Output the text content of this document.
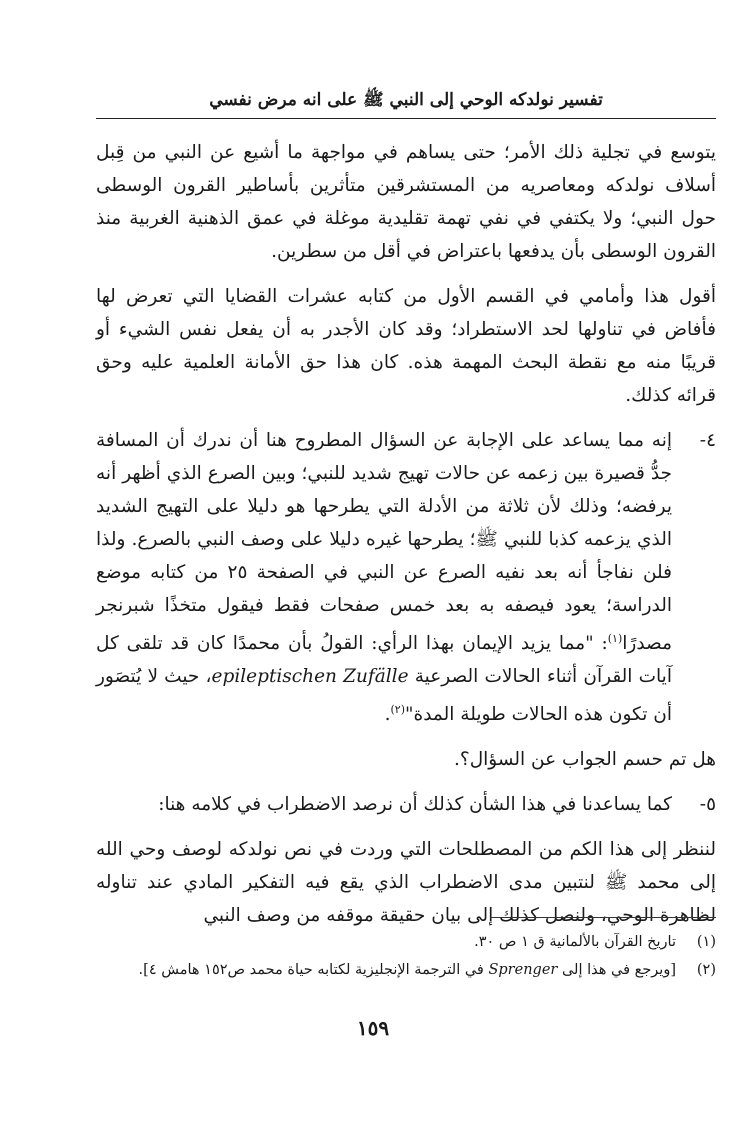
تفسير نولدكه الوحي إلى النبي ﷺ على انه مرض نفسي

يتوسع في تجلية ذلك الأمر؛ حتى يساهم في مواجهة ما أشيع عن النبي من قِبل أسلاف نولدكه ومعاصريه من المستشرقين متأثرين بأساطير القرون الوسطى حول النبي؛ ولا يكتفي في نفي تهمة تقليدية موغلة في عمق الذهنية الغربية منذ القرون الوسطى بأن يدفعها باعتراض في أقل من سطرين.

أقول هذا وأمامي في القسم الأول من كتابه عشرات القضايا التي تعرض لها فأفاض في تناولها لحد الاستطراد؛ وقد كان الأجدر به أن يفعل نفس الشيء أو قريبًا منه مع نقطة البحث المهمة هذه. كان هذا حق الأمانة العلمية عليه وحق قرائه كذلك.

٤-
إنه مما يساعد على الإجابة عن السؤال المطروح هنا أن ندرك أن المسافة جدُّ قصيرة بين زعمه عن حالات تهيج شديد للنبي؛ وبين الصرع الذي أظهر أنه يرفضه؛ وذلك لأن ثلاثة من الأدلة التي يطرحها هو دليلا على التهيج الشديد الذي يزعمه كذبا للنبي ﷺ؛ يطرحها غيره دليلا على وصف النبي بالصرع. ولذا فلن نفاجأ أنه بعد نفيه الصرع عن النبي في الصفحة ٢٥ من كتابه موضع الدراسة؛ يعود فيصفه به بعد خمس صفحات فقط فيقول متخذًا شبرنجر مصدرًا$^{(١)}$: "مما يزيد الإيمان بهذا الرأي: القولُ بأن محمدًا كان قد تلقى كل آيات القرآن أثناء الحالات الصرعية epileptischen Zufälle، حيث لا يُتصَور أن تكون هذه الحالات طويلة المدة"$^{(٢)}$.

هل تم حسم الجواب عن السؤال؟.

٥-
كما يساعدنا في هذا الشأن كذلك أن نرصد الاضطراب في كلامه هنا:

لننظر إلى هذا الكم من المصطلحات التي وردت في نص نولدكه لوصف وحي الله إلى محمد ﷺ لنتبين مدى الاضطراب الذي يقع فيه التفكير المادي عند تناوله لظاهرة الوحي، ولنصل كذلك إلى بيان حقيقة موقفه من وصف النبي

(١)
تاريخ القرآن بالألمانية ق ١ ص ٣٠.
(٢)
[ويرجع في هذا إلى Sprenger في الترجمة الإنجليزية لكتابه حياة محمد ص١٥٢ هامش ٤].
١٥٩
